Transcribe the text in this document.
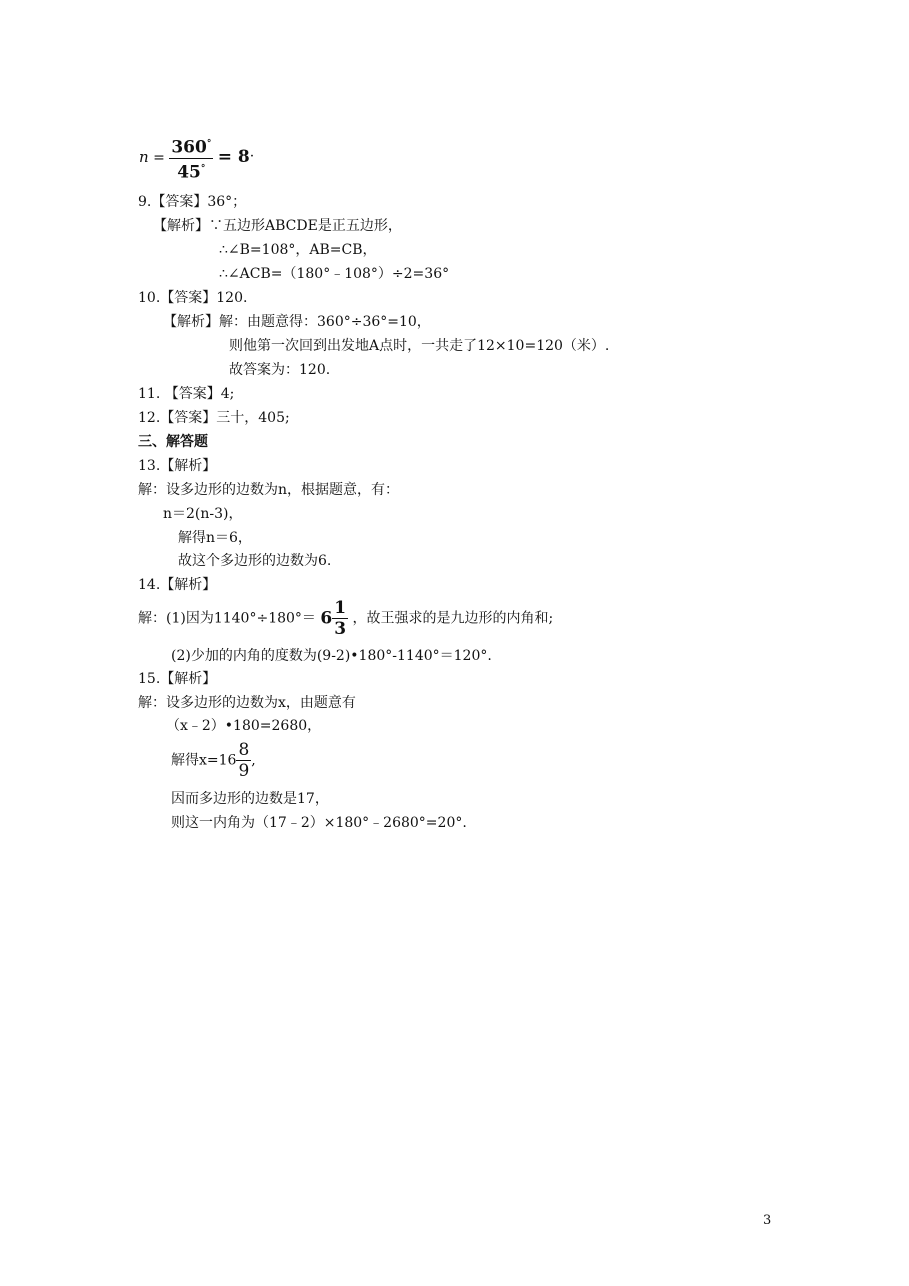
$n = \frac{360^\circ}{45^\circ} = 8$.
9.【答案】36°；
【解析】∵五边形ABCDE是正五边形，
∴∠B=108°，AB=CB，
∴∠ACB=（180°﹣108°）÷2=36°
10.【答案】120.
【解析】解：由题意得：360°÷36°=10，
则他第一次回到出发地A点时，一共走了12×10=120（米）.
故答案为：120.
11. 【答案】4;
12.【答案】三十，405;
三、解答题
13.【解析】
解：设多边形的边数为n，根据题意，有：
n＝2(n-3)，
解得n＝6，
故这个多边形的边数为6.
14.【解析】
解：(1)因为$1140^\circ\div 180^\circ= 6 \frac{1}{3}$ ，故王强求的是九边形的内角和;
(2)少加的内角的度数为(9-2)•180°-1140°＝120°.
15.【解析】
解：设多边形的边数为x，由题意有
（x﹣2）•180=2680，
解得$x=16 \frac{8}{9}$ ,
因而多边形的边数是17，
则这一内角为（17﹣2）×180°﹣2680°=20°.
3
